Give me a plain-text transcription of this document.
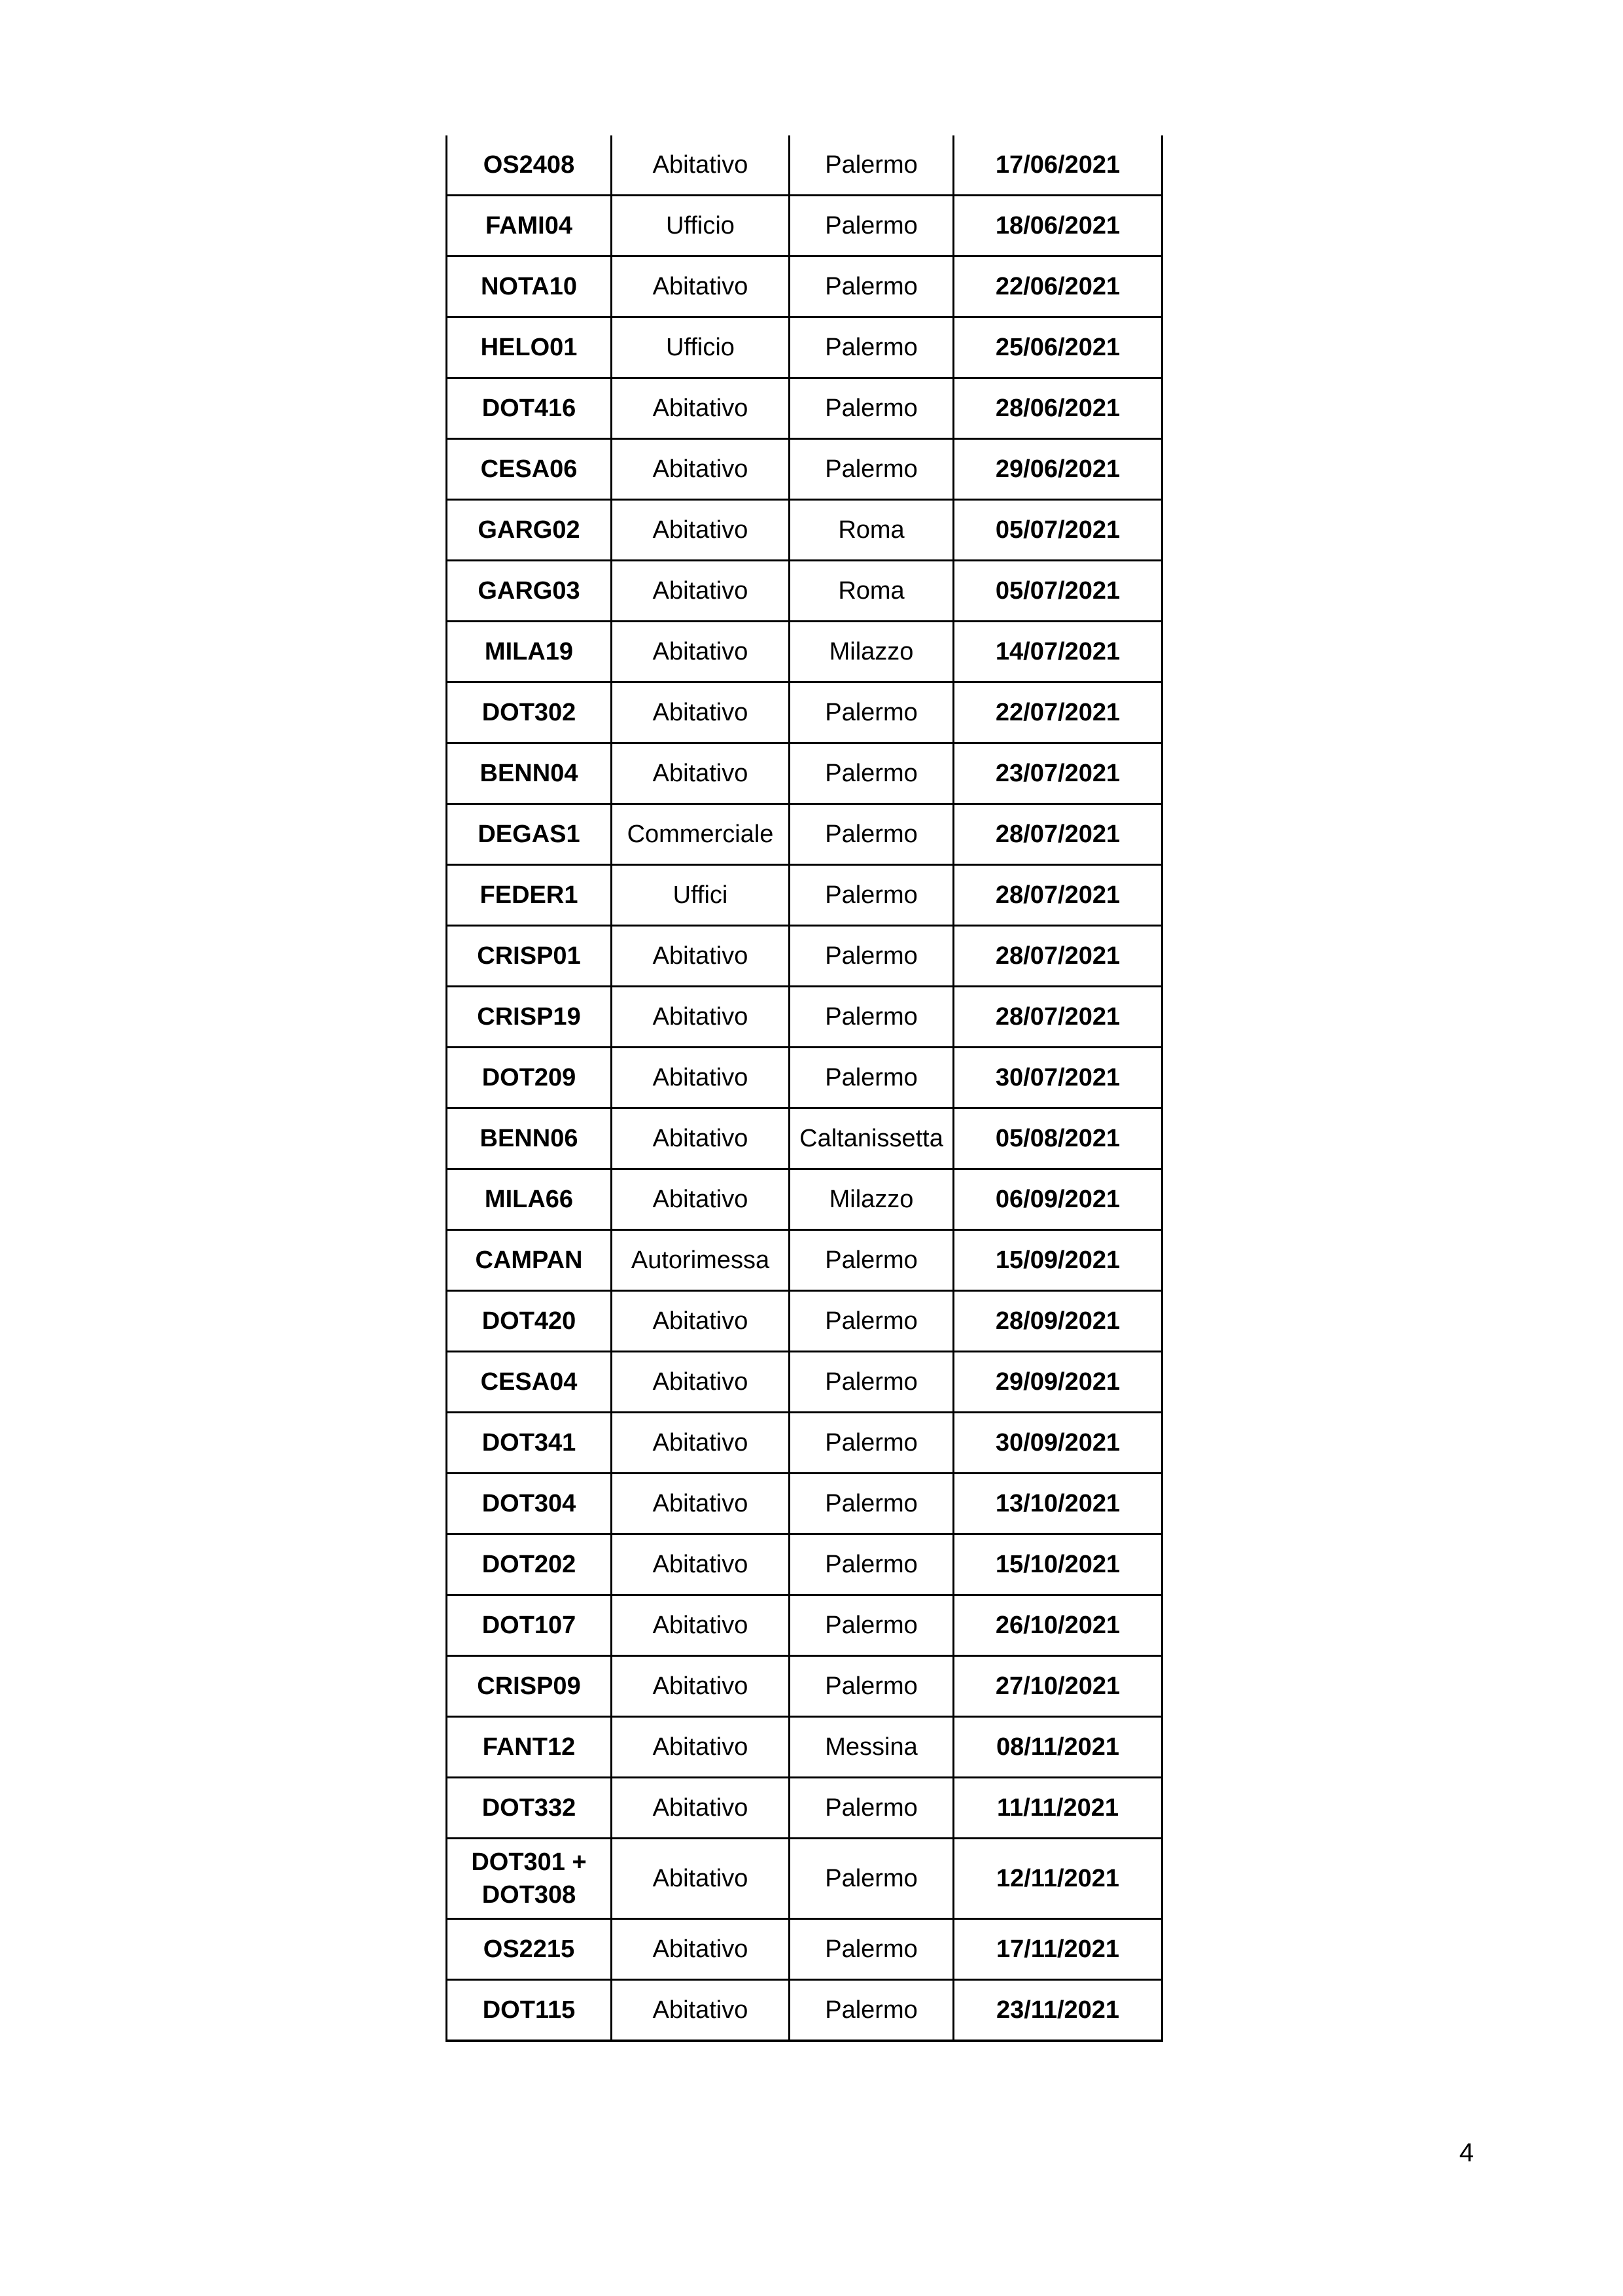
OS2408	Abitativo	Palermo	17/06/2021
FAMI04	Ufficio	Palermo	18/06/2021
NOTA10	Abitativo	Palermo	22/06/2021
HELO01	Ufficio	Palermo	25/06/2021
DOT416	Abitativo	Palermo	28/06/2021
CESA06	Abitativo	Palermo	29/06/2021
GARG02	Abitativo	Roma	05/07/2021
GARG03	Abitativo	Roma	05/07/2021
MILA19	Abitativo	Milazzo	14/07/2021
DOT302	Abitativo	Palermo	22/07/2021
BENN04	Abitativo	Palermo	23/07/2021
DEGAS1	Commerciale	Palermo	28/07/2021
FEDER1	Uffici	Palermo	28/07/2021
CRISP01	Abitativo	Palermo	28/07/2021
CRISP19	Abitativo	Palermo	28/07/2021
DOT209	Abitativo	Palermo	30/07/2021
BENN06	Abitativo	Caltanissetta	05/08/2021
MILA66	Abitativo	Milazzo	06/09/2021
CAMPAN	Autorimessa	Palermo	15/09/2021
DOT420	Abitativo	Palermo	28/09/2021
CESA04	Abitativo	Palermo	29/09/2021
DOT341	Abitativo	Palermo	30/09/2021
DOT304	Abitativo	Palermo	13/10/2021
DOT202	Abitativo	Palermo	15/10/2021
DOT107	Abitativo	Palermo	26/10/2021
CRISP09	Abitativo	Palermo	27/10/2021
FANT12	Abitativo	Messina	08/11/2021
DOT332	Abitativo	Palermo	11/11/2021
DOT301 +
DOT308	Abitativo	Palermo	12/11/2021
OS2215	Abitativo	Palermo	17/11/2021
DOT115	Abitativo	Palermo	23/11/2021
4
